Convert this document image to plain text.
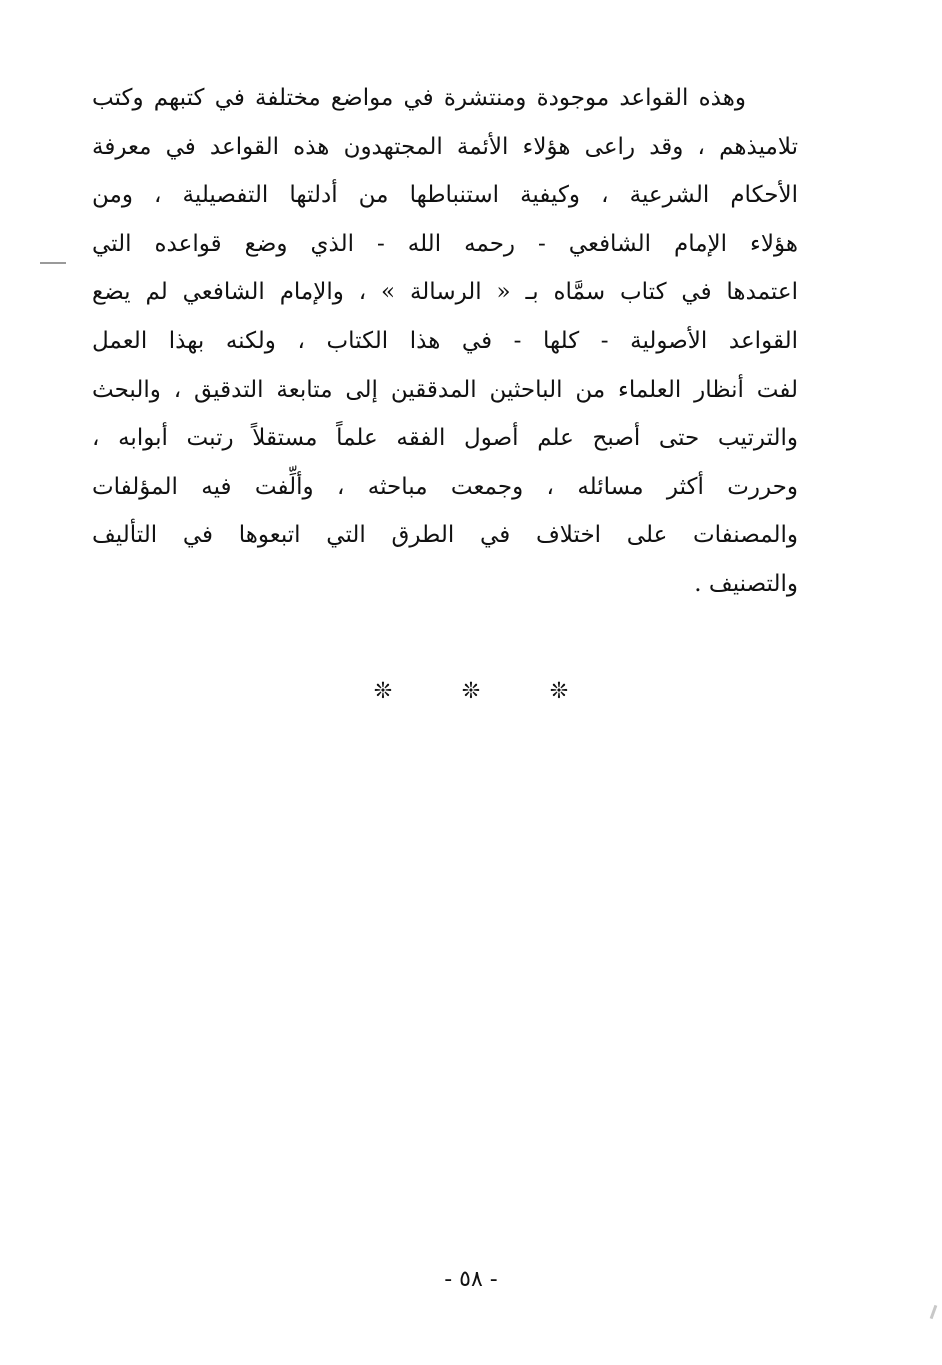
وهذه القواعد موجودة ومنتشرة في مواضع مختلفة في كتبهم وكتب
تلاميذهم ، وقد راعى هؤلاء الأئمة المجتهدون هذه القواعد في معرفة
الأحكام الشرعية ، وكيفية استنباطها من أدلتها التفصيلية ، ومن
هؤلاء الإمام الشافعي - رحمه الله - الذي وضع قواعده التي
اعتمدها في كتاب سمَّاه بـ « الرسالة » ، والإمام الشافعي لم يضع
القواعد الأصولية - كلها - في هذا الكتاب ، ولكنه بهذا العمل
لفت أنظار العلماء من الباحثين المدققين إلى متابعة التدقيق ، والبحث
والترتيب حتى أصبح علم أصول الفقه علماً مستقلاً رتبت أبوابه ،
وحررت أكثر مسائله ، وجمعت مباحثه ، وألِّفت فيه المؤلفات
والمصنفات على اختلاف في الطرق التي اتبعوها في التأليف
والتصنيف .
❊	❊	❊
- ٥٨ -
